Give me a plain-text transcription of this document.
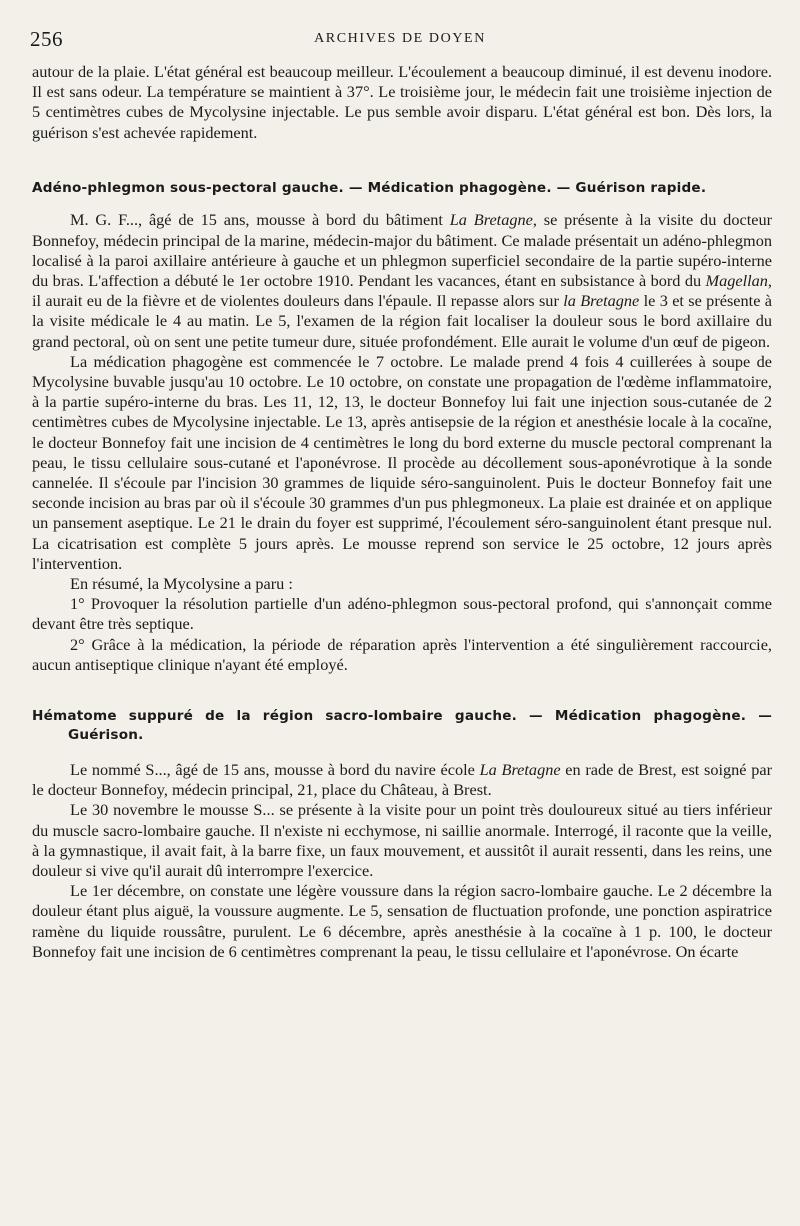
256	ARCHIVES DE DOYEN

autour de la plaie. L'état général est beaucoup meilleur. L'écoulement a beaucoup diminué, il est devenu inodore. Il est sans odeur. La température se maintient à 37°. Le troisième jour, le médecin fait une troisième injection de 5 centimètres cubes de Mycolysine injectable. Le pus semble avoir disparu. L'état général est bon. Dès lors, la guérison s'est achevée rapidement.

Adéno-phlegmon sous-pectoral gauche. — Médication phagogène. — Guérison rapide.

M. G. F..., âgé de 15 ans, mousse à bord du bâtiment La Bretagne, se présente à la visite du docteur Bonnefoy, médecin principal de la marine, médecin-major du bâtiment. Ce malade présentait un adéno-phlegmon localisé à la paroi axillaire antérieure à gauche et un phlegmon superficiel secondaire de la partie supéro-interne du bras. L'affection a débuté le 1er octobre 1910. Pendant les vacances, étant en subsistance à bord du Magellan, il aurait eu de la fièvre et de violentes douleurs dans l'épaule. Il repasse alors sur la Bretagne le 3 et se présente à la visite médicale le 4 au matin. Le 5, l'examen de la région fait localiser la douleur sous le bord axillaire du grand pectoral, où on sent une petite tumeur dure, située profondément. Elle aurait le volume d'un œuf de pigeon.

La médication phagogène est commencée le 7 octobre. Le malade prend 4 fois 4 cuillerées à soupe de Mycolysine buvable jusqu'au 10 octobre. Le 10 octobre, on constate une propagation de l'œdème inflammatoire, à la partie supéro-interne du bras. Les 11, 12, 13, le docteur Bonnefoy lui fait une injection sous-cutanée de 2 centimètres cubes de Mycolysine injectable. Le 13, après antisepsie de la région et anesthésie locale à la cocaïne, le docteur Bonnefoy fait une incision de 4 centimètres le long du bord externe du muscle pectoral comprenant la peau, le tissu cellulaire sous-cutané et l'aponévrose. Il procède au décollement sous-aponévrotique à la sonde cannelée. Il s'écoule par l'incision 30 grammes de liquide séro-sanguinolent. Puis le docteur Bonnefoy fait une seconde incision au bras par où il s'écoule 30 grammes d'un pus phlegmoneux. La plaie est drainée et on applique un pansement aseptique. Le 21 le drain du foyer est supprimé, l'écoulement séro-sanguinolent étant presque nul. La cicatrisation est complète 5 jours après. Le mousse reprend son service le 25 octobre, 12 jours après l'intervention.

En résumé, la Mycolysine a paru :

1° Provoquer la résolution partielle d'un adéno-phlegmon sous-pectoral profond, qui s'annonçait comme devant être très septique.

2° Grâce à la médication, la période de réparation après l'intervention a été singulièrement raccourcie, aucun antiseptique clinique n'ayant été employé.

Hématome suppuré de la région sacro-lombaire gauche. — Médication phagogène. — Guérison.

Le nommé S..., âgé de 15 ans, mousse à bord du navire école La Bretagne en rade de Brest, est soigné par le docteur Bonnefoy, médecin principal, 21, place du Château, à Brest.

Le 30 novembre le mousse S... se présente à la visite pour un point très douloureux situé au tiers inférieur du muscle sacro-lombaire gauche. Il n'existe ni ecchymose, ni saillie anormale. Interrogé, il raconte que la veille, à la gymnastique, il avait fait, à la barre fixe, un faux mouvement, et aussitôt il aurait ressenti, dans les reins, une douleur si vive qu'il aurait dû interrompre l'exercice.

Le 1er décembre, on constate une légère voussure dans la région sacro-lombaire gauche. Le 2 décembre la douleur étant plus aiguë, la voussure augmente. Le 5, sensation de fluctuation profonde, une ponction aspiratrice ramène du liquide roussâtre, purulent. Le 6 décembre, après anesthésie à la cocaïne à 1 p. 100, le docteur Bonnefoy fait une incision de 6 centimètres comprenant la peau, le tissu cellulaire et l'aponévrose. On écarte
